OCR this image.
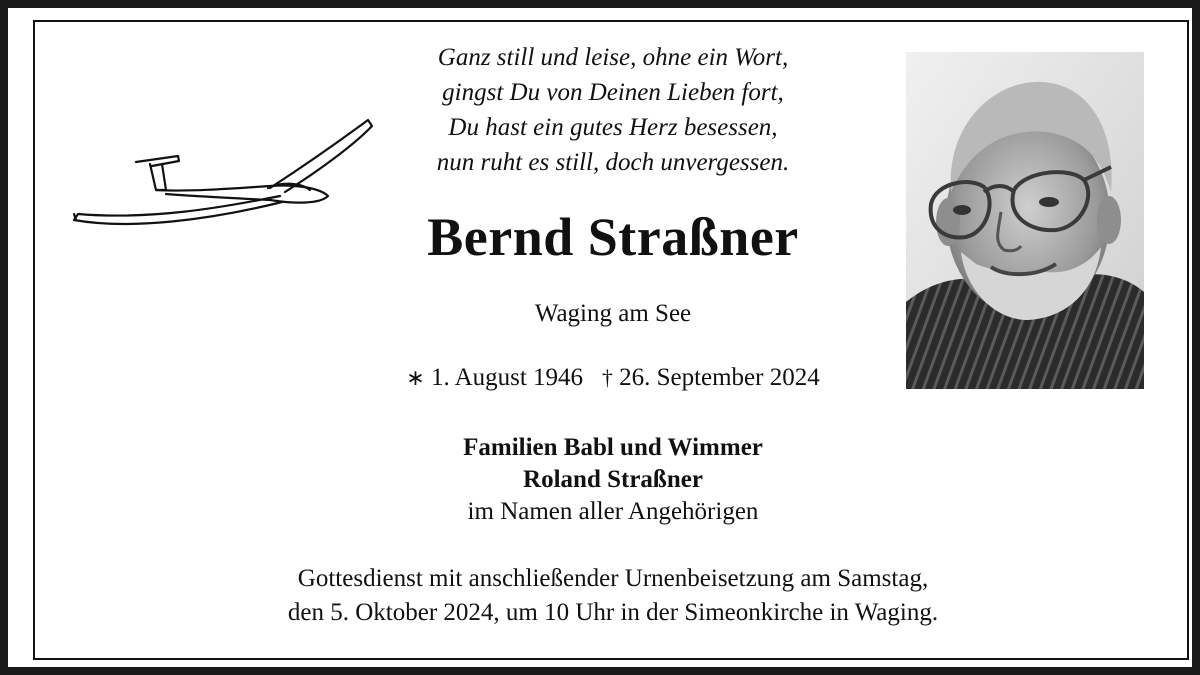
Ganz still und leise, ohne ein Wort,
gingst Du von Deinen Lieben fort,
Du hast ein gutes Herz besessen,
nun ruht es still, doch unvergessen.
Bernd Straßner
Waging am See
∗ 1. August 1946 † 26. September 2024
Familien Babl und Wimmer
Roland Straßner
im Namen aller Angehörigen
Gottesdienst mit anschließender Urnenbeisetzung am Samstag,
den 5. Oktober 2024, um 10 Uhr in der Simeonkirche in Waging.
